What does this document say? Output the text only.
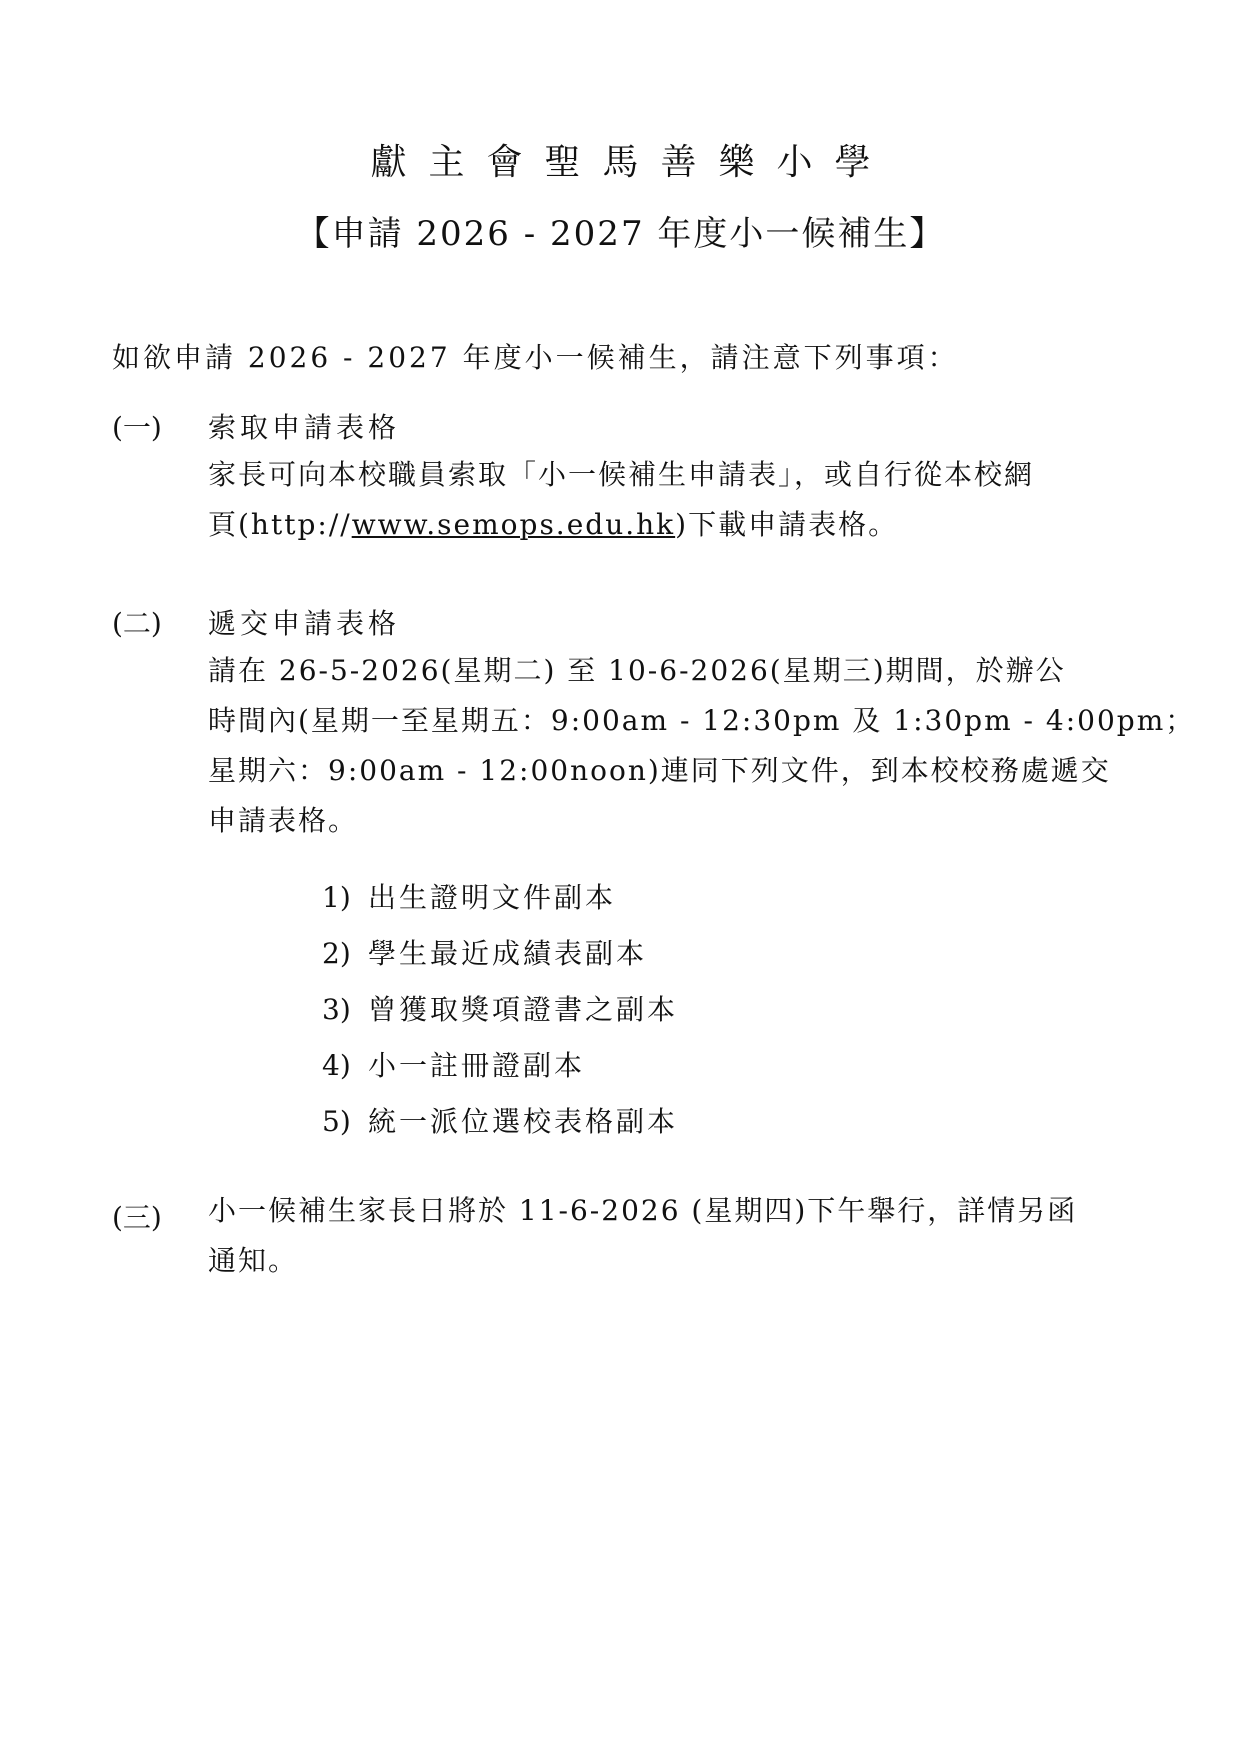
獻主會聖馬善樂小學
【申請 2026 - 2027 年度小一候補生】
如欲申請 2026 - 2027 年度小一候補生，請注意下列事項：
(一) 索取申請表格
家長可向本校職員索取「小一候補生申請表」，或自行從本校網
頁(http://www.semops.edu.hk)下載申請表格。
(二) 遞交申請表格
請在 26-5-2026(星期二) 至 10-6-2026(星期三)期間，於辦公
時間內(星期一至星期五：9:00am - 12:30pm 及 1:30pm - 4:00pm；
星期六：9:00am - 12:00noon)連同下列文件，到本校校務處遞交
申請表格。
1) 出生證明文件副本
2) 學生最近成績表副本
3) 曾獲取獎項證書之副本
4) 小一註冊證副本
5) 統一派位選校表格副本
(三) 小一候補生家長日將於 11-6-2026 (星期四)下午舉行，詳情另函
通知。
